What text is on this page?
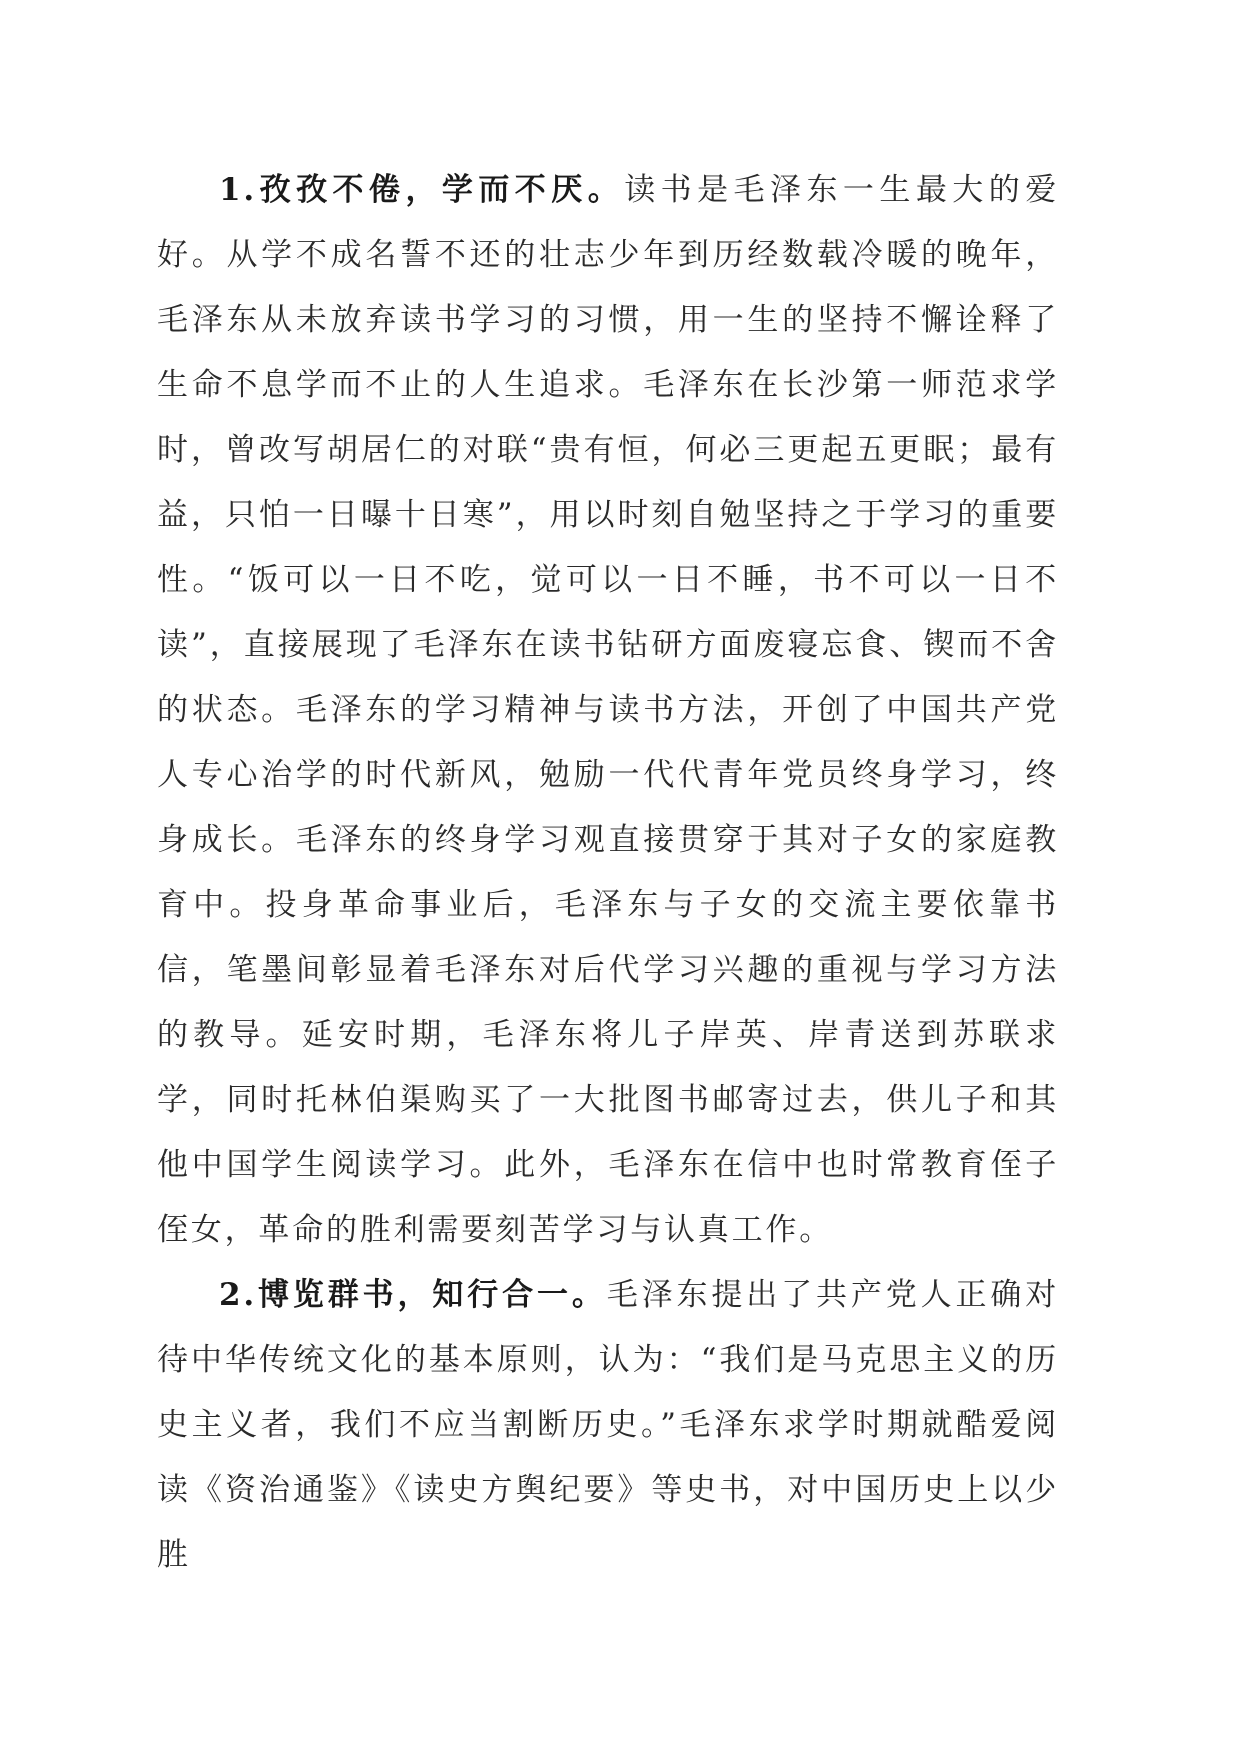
1.孜孜不倦，学而不厌。读书是毛泽东一生最大的爱好。从学不成名誓不还的壮志少年到历经数载冷暖的晚年，毛泽东从未放弃读书学习的习惯，用一生的坚持不懈诠释了生命不息学而不止的人生追求。毛泽东在长沙第一师范求学时，曾改写胡居仁的对联“贵有恒，何必三更起五更眠；最有益，只怕一日曝十日寒”，用以时刻自勉坚持之于学习的重要性。“饭可以一日不吃，觉可以一日不睡，书不可以一日不读”，直接展现了毛泽东在读书钻研方面废寝忘食、锲而不舍的状态。毛泽东的学习精神与读书方法，开创了中国共产党人专心治学的时代新风，勉励一代代青年党员终身学习，终身成长。毛泽东的终身学习观直接贯穿于其对子女的家庭教育中。投身革命事业后，毛泽东与子女的交流主要依靠书信，笔墨间彰显着毛泽东对后代学习兴趣的重视与学习方法的教导。延安时期，毛泽东将儿子岸英、岸青送到苏联求学，同时托林伯渠购买了一大批图书邮寄过去，供儿子和其他中国学生阅读学习。此外，毛泽东在信中也时常教育侄子侄女，革命的胜利需要刻苦学习与认真工作。

2.博览群书，知行合一。毛泽东提出了共产党人正确对待中华传统文化的基本原则，认为：“我们是马克思主义的历史主义者，我们不应当割断历史。”毛泽东求学时期就酷爱阅读《资治通鉴》《读史方舆纪要》等史书，对中国历史上以少胜
